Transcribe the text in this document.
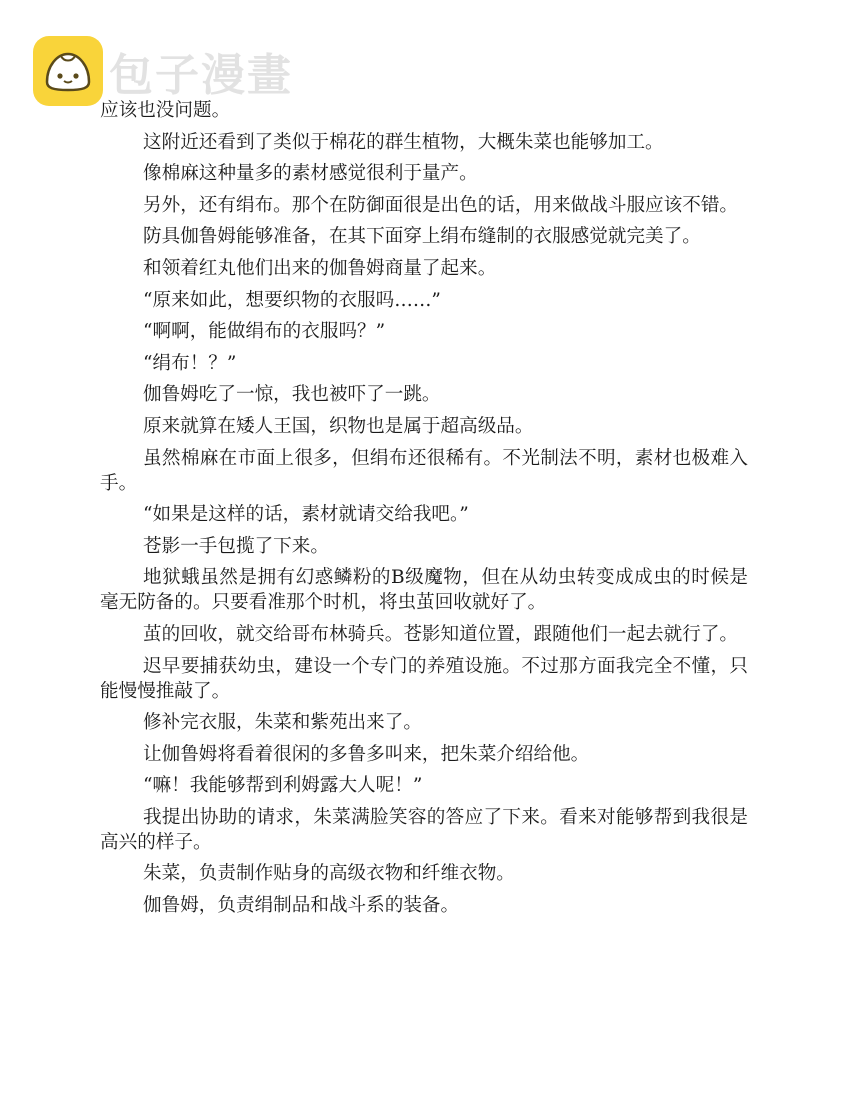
包子漫畫

应该也没问题。

这附近还看到了类似于棉花的群生植物，大概朱菜也能够加工。

像棉麻这种量多的素材感觉很利于量产。

另外，还有绢布。那个在防御面很是出色的话，用来做战斗服应该不错。

防具伽鲁姆能够准备，在其下面穿上绢布缝制的衣服感觉就完美了。

和领着红丸他们出来的伽鲁姆商量了起来。

“原来如此，想要织物的衣服吗……”

“啊啊，能做绢布的衣服吗？”

“绢布！？”

伽鲁姆吃了一惊，我也被吓了一跳。

原来就算在矮人王国，织物也是属于超高级品。

虽然棉麻在市面上很多，但绢布还很稀有。不光制法不明，素材也极难入手。

“如果是这样的话，素材就请交给我吧。”

苍影一手包揽了下来。

地狱蛾虽然是拥有幻惑鳞粉的B级魔物，但在从幼虫转变成成虫的时候是毫无防备的。只要看准那个时机，将虫茧回收就好了。

茧的回收，就交给哥布林骑兵。苍影知道位置，跟随他们一起去就行了。

迟早要捕获幼虫，建设一个专门的养殖设施。不过那方面我完全不懂，只能慢慢推敲了。

修补完衣服，朱菜和紫苑出来了。

让伽鲁姆将看着很闲的多鲁多叫来，把朱菜介绍给他。

“嘛！我能够帮到利姆露大人呢！”

我提出协助的请求，朱菜满脸笑容的答应了下来。看来对能够帮到我很是高兴的样子。

朱菜，负责制作贴身的高级衣物和纤维衣物。

伽鲁姆，负责绢制品和战斗系的装备。
